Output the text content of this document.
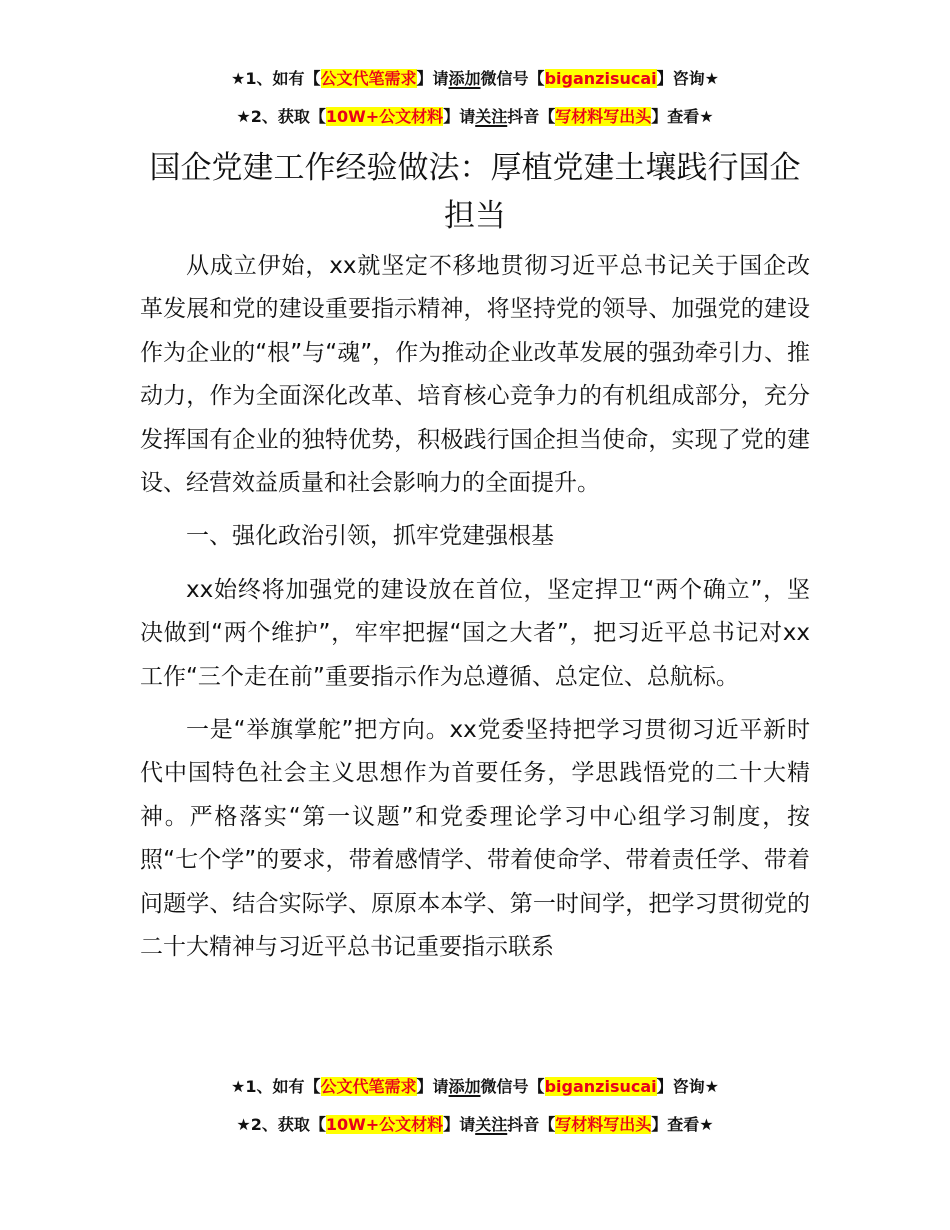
★1、如有【公文代笔需求】请添加微信号【biganzisucai】咨询★
★2、获取【10W+公文材料】请关注抖音【写材料写出头】查看★
国企党建工作经验做法：厚植党建土壤践行国企担当

从成立伊始，xx就坚定不移地贯彻习近平总书记关于国企改革发展和党的建设重要指示精神，将坚持党的领导、加强党的建设作为企业的“根”与“魂”，作为推动企业改革发展的强劲牵引力、推动力，作为全面深化改革、培育核心竞争力的有机组成部分，充分发挥国有企业的独特优势，积极践行国企担当使命，实现了党的建设、经营效益质量和社会影响力的全面提升。

一、强化政治引领，抓牢党建强根基

xx始终将加强党的建设放在首位，坚定捍卫“两个确立”，坚决做到“两个维护”，牢牢把握“国之大者”，把习近平总书记对xx工作“三个走在前”重要指示作为总遵循、总定位、总航标。

一是“举旗掌舵”把方向。xx党委坚持把学习贯彻习近平新时代中国特色社会主义思想作为首要任务，学思践悟党的二十大精神。严格落实“第一议题”和党委理论学习中心组学习制度，按照“七个学”的要求，带着感情学、带着使命学、带着责任学、带着问题学、结合实际学、原原本本学、第一时间学，把学习贯彻党的二十大精神与习近平总书记重要指示联系

★1、如有【公文代笔需求】请添加微信号【biganzisucai】咨询★
★2、获取【10W+公文材料】请关注抖音【写材料写出头】查看★
